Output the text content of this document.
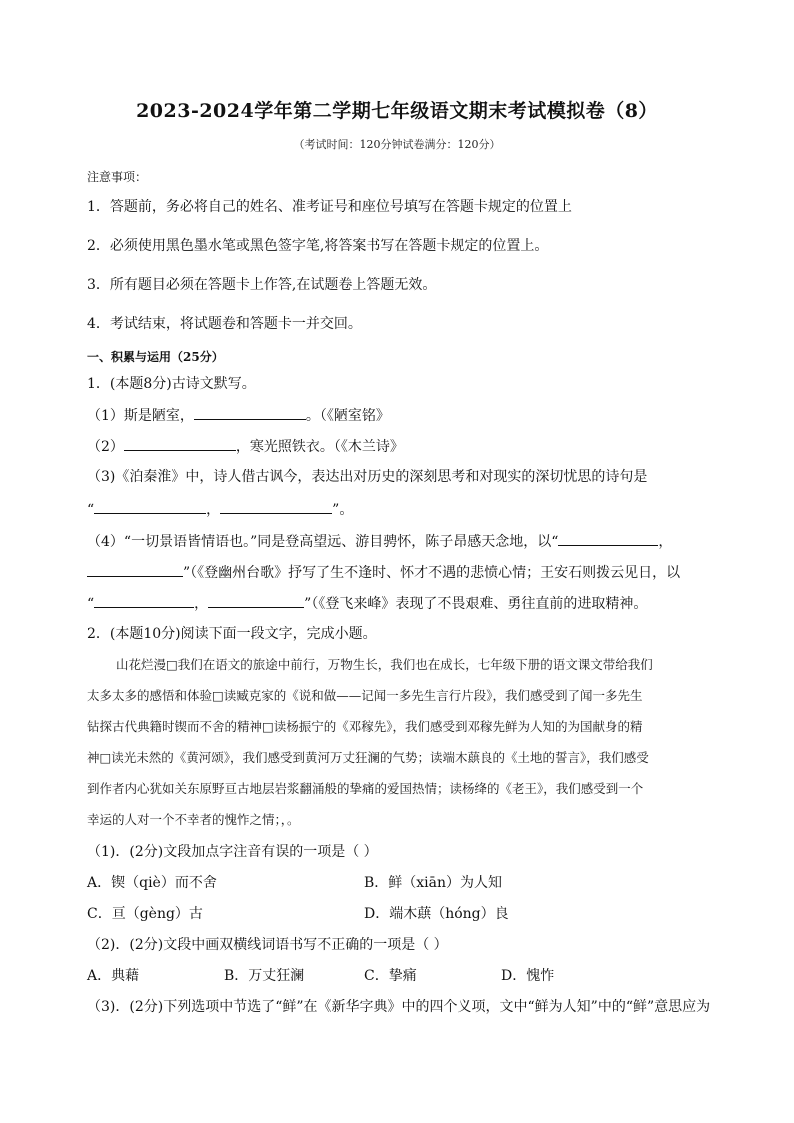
2023-2024学年第二学期七年级语文期末考试模拟卷（8）
（考试时间：120分钟试卷满分：120分）
注意事项：
1．答题前，务必将自己的姓名、准考证号和座位号填写在答题卡规定的位置上
2．必须使用黑色墨水笔或黑色签字笔,将答案书写在答题卡规定的位置上。
3．所有题目必须在答题卡上作答,在试题卷上答题无效。
4．考试结束，将试题卷和答题卡一并交回。
一、积累与运用（25分）
1．(本题8分)古诗文默写。
（1）斯是陋室，	。（《陋室铭》
（2）	，寒光照铁衣。（《木兰诗》
（3)《泊秦淮》中，诗人借古讽今，表达出对历史的深刻思考和对现实的深切忧思的诗句是
“	，	”。
（4）“一切景语皆情语也。”同是登高望远、游目骋怀，陈子昂感天念地，以“	，
”（《登幽州台歌》抒写了生不逢时、怀才不遇的悲愤心情；王安石则拨云见日，以
“	，	”（《登飞来峰》表现了不畏艰难、勇往直前的进取精神。
2．(本题10分)阅读下面一段文字，完成小题。
山花烂漫□我们在语文的旅途中前行，万物生长，我们也在成长，七年级下册的语文课文带给我们
太多太多的感悟和体验□读臧克家的《说和做——记闻一多先生言行片段》，我们感受到了闻一多先生
钻探古代典籍时锲而不舍的精神□读杨振宁的《邓稼先》，我们感受到邓稼先鲜为人知的为国献身的精
神□读光未然的《黄河颂》，我们感受到黄河万丈狂澜的气势；读端木蕻良的《土地的誓言》，我们感受
到作者内心犹如关东原野亘古地层岩浆翻涌般的挚痛的爱国热情；读杨绛的《老王》，我们感受到一个
幸运的人对一个不幸者的愧怍之情；，。
（1)．(2分)文段加点字注音有误的一项是（ ）
A．锲（qiè）而不舍	B．鲜（xiān）为人知
C．亘（gèng）古	D．端木蕻（hóng）良
（2)．(2分)文段中画双横线词语书写不正确的一项是（ ）
A．典藉	B．万丈狂澜	C．挚痛	D．愧怍
（3)．(2分)下列选项中节选了“鲜”在《新华字典》中的四个义项，文中“鲜为人知”中的“鲜”意思应为
